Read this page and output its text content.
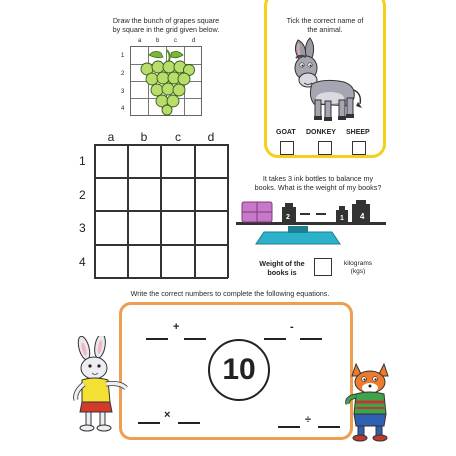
Draw the bunch of grapes square
by square in the grid given below.
a b c	d
1
2
3
4
a	b	c	d
1
2
3
4
Tick the correct name of
the animal.
GOAT DONKEY SHEEP
It takes 3 ink bottles to balance my
books. What is the weight of my books?
2	1 4
Weight of the
books is
kilograms
(kgs)
Write the correct numbers to complete the following equations.
+	-
10
×	÷
